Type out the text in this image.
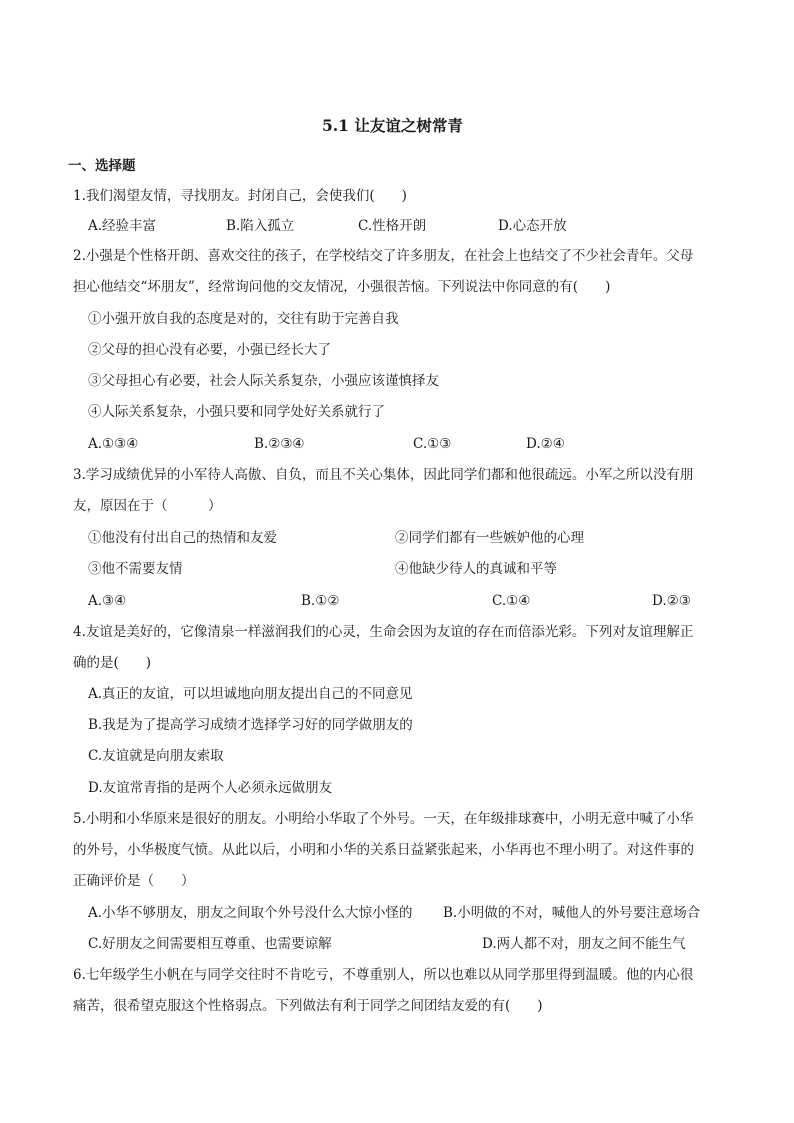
5.1 让友谊之树常青
一、选择题
1.我们渴望友情，寻找朋友。封闭自己，会使我们(　　)
A.经验丰富	B.陷入孤立	C.性格开朗	D.心态开放
2.小强是个性格开朗、喜欢交往的孩子，在学校结交了许多朋友，在社会上也结交了不少社会青年。父母
担心他结交“坏朋友”，经常询问他的交友情况，小强很苦恼。下列说法中你同意的有(　　)
①小强开放自我的态度是对的，交往有助于完善自我
②父母的担心没有必要，小强已经长大了
③父母担心有必要，社会人际关系复杂，小强应该谨慎择友
④人际关系复杂，小强只要和同学处好关系就行了
A.①③④	B.②③④	C.①③	D.②④
3.学习成绩优异的小军待人高傲、自负，而且不关心集体，因此同学们都和他很疏远。小军之所以没有朋
友，原因在于（　　　）
①他没有付出自己的热情和友爱	②同学们都有一些嫉妒他的心理
③他不需要友情	④他缺少待人的真诚和平等
A.③④	B.①②	C.①④	D.②③
4.友谊是美好的，它像清泉一样滋润我们的心灵，生命会因为友谊的存在而倍添光彩。下列对友谊理解正
确的是(　　)
A.真正的友谊，可以坦诚地向朋友提出自己的不同意见
B.我是为了提高学习成绩才选择学习好的同学做朋友的
C.友谊就是向朋友索取
D.友谊常青指的是两个人必须永远做朋友
5.小明和小华原来是很好的朋友。小明给小华取了个外号。一天，在年级排球赛中，小明无意中喊了小华
的外号，小华极度气愤。从此以后，小明和小华的关系日益紧张起来，小华再也不理小明了。对这件事的
正确评价是（　　）
A.小华不够朋友，朋友之间取个外号没什么大惊小怪的 B.小明做的不对，喊他人的外号要注意场合
C.好朋友之间需要相互尊重、也需要谅解	D.两人都不对，朋友之间不能生气
6.七年级学生小帆在与同学交往时不肯吃亏，不尊重别人，所以也难以从同学那里得到温暖。他的内心很
痛苦，很希望克服这个性格弱点。下列做法有利于同学之间团结友爱的有(　　)
